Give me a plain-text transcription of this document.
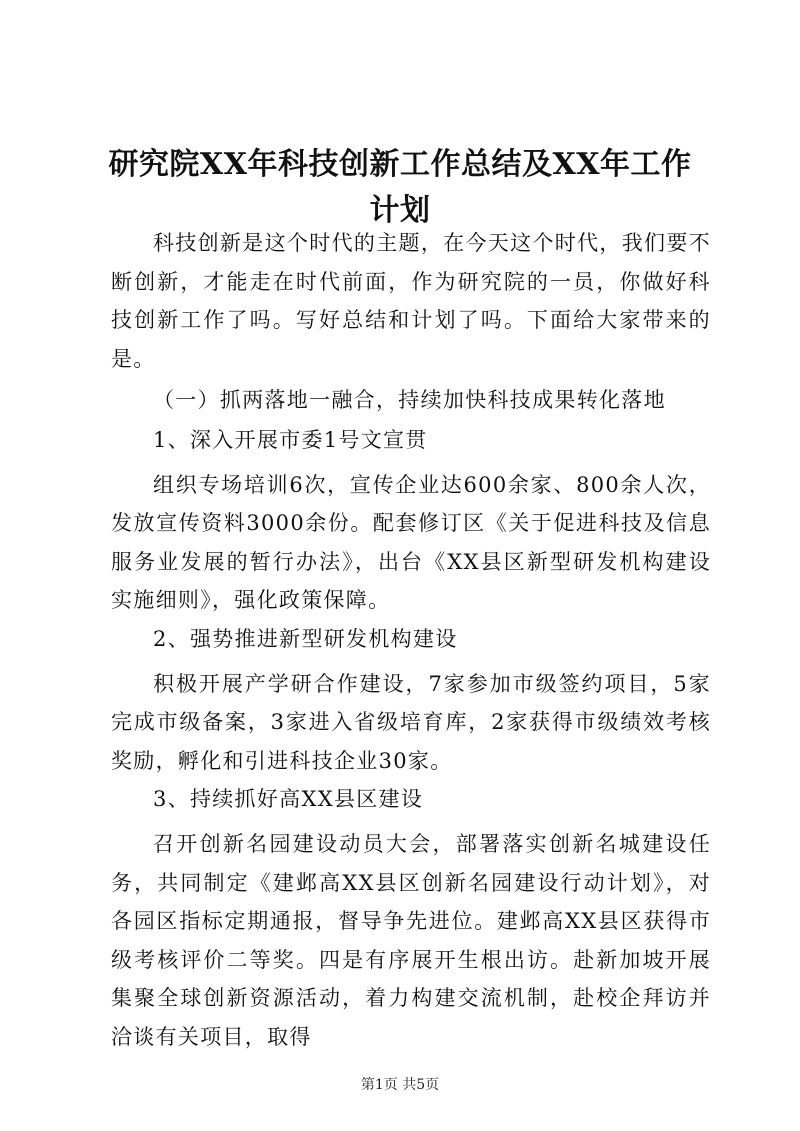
研究院XX年科技创新工作总结及XX年工作计划

科技创新是这个时代的主题，在今天这个时代，我们要不断创新，才能走在时代前面，作为研究院的一员，你做好科技创新工作了吗。写好总结和计划了吗。下面给大家带来的是。

（一）抓两落地一融合，持续加快科技成果转化落地

1、深入开展市委1号文宣贯

组织专场培训6次，宣传企业达600余家、800余人次，发放宣传资料3000余份。配套修订区《关于促进科技及信息服务业发展的暂行办法》，出台《XX县区新型研发机构建设实施细则》，强化政策保障。

2、强势推进新型研发机构建设

积极开展产学研合作建设，7家参加市级签约项目，5家完成市级备案，3家进入省级培育库，2家获得市级绩效考核奖励，孵化和引进科技企业30家。

3、持续抓好高XX县区建设

召开创新名园建设动员大会，部署落实创新名城建设任务，共同制定《建邺高XX县区创新名园建设行动计划》，对各园区指标定期通报，督导争先进位。建邺高XX县区获得市级考核评价二等奖。四是有序展开生根出访。赴新加坡开展集聚全球创新资源活动，着力构建交流机制，赴校企拜访并洽谈有关项目，取得

第1页 共5页
